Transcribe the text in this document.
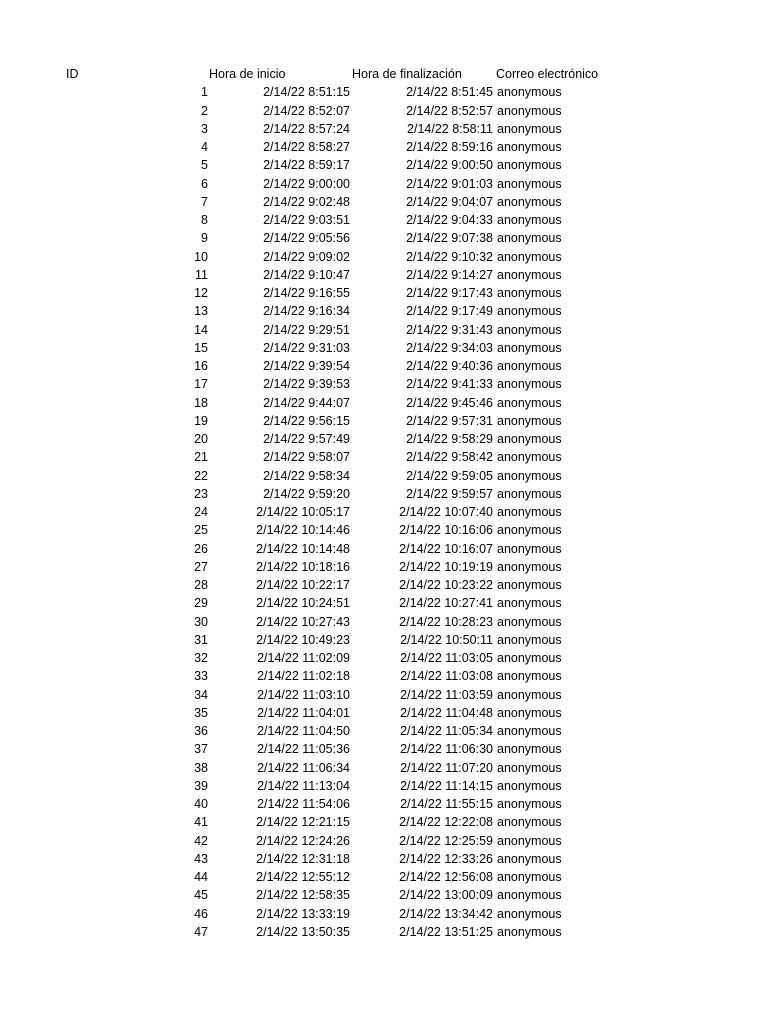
ID	Hora de inicio	Hora de finalización	Correo electrónico
1	2/14/22 8:51:15	2/14/22 8:51:45 anonymous
2	2/14/22 8:52:07	2/14/22 8:52:57 anonymous
3	2/14/22 8:57:24	2/14/22 8:58:11 anonymous
4	2/14/22 8:58:27	2/14/22 8:59:16 anonymous
5	2/14/22 8:59:17	2/14/22 9:00:50 anonymous
6	2/14/22 9:00:00	2/14/22 9:01:03 anonymous
7	2/14/22 9:02:48	2/14/22 9:04:07 anonymous
8	2/14/22 9:03:51	2/14/22 9:04:33 anonymous
9	2/14/22 9:05:56	2/14/22 9:07:38 anonymous
10	2/14/22 9:09:02	2/14/22 9:10:32 anonymous
11	2/14/22 9:10:47	2/14/22 9:14:27 anonymous
12	2/14/22 9:16:55	2/14/22 9:17:43 anonymous
13	2/14/22 9:16:34	2/14/22 9:17:49 anonymous
14	2/14/22 9:29:51	2/14/22 9:31:43 anonymous
15	2/14/22 9:31:03	2/14/22 9:34:03 anonymous
16	2/14/22 9:39:54	2/14/22 9:40:36 anonymous
17	2/14/22 9:39:53	2/14/22 9:41:33 anonymous
18	2/14/22 9:44:07	2/14/22 9:45:46 anonymous
19	2/14/22 9:56:15	2/14/22 9:57:31 anonymous
20	2/14/22 9:57:49	2/14/22 9:58:29 anonymous
21	2/14/22 9:58:07	2/14/22 9:58:42 anonymous
22	2/14/22 9:58:34	2/14/22 9:59:05 anonymous
23	2/14/22 9:59:20	2/14/22 9:59:57 anonymous
24	2/14/22 10:05:17	2/14/22 10:07:40 anonymous
25	2/14/22 10:14:46	2/14/22 10:16:06 anonymous
26	2/14/22 10:14:48	2/14/22 10:16:07 anonymous
27	2/14/22 10:18:16	2/14/22 10:19:19 anonymous
28	2/14/22 10:22:17	2/14/22 10:23:22 anonymous
29	2/14/22 10:24:51	2/14/22 10:27:41 anonymous
30	2/14/22 10:27:43	2/14/22 10:28:23 anonymous
31	2/14/22 10:49:23	2/14/22 10:50:11 anonymous
32	2/14/22 11:02:09	2/14/22 11:03:05 anonymous
33	2/14/22 11:02:18	2/14/22 11:03:08 anonymous
34	2/14/22 11:03:10	2/14/22 11:03:59 anonymous
35	2/14/22 11:04:01	2/14/22 11:04:48 anonymous
36	2/14/22 11:04:50	2/14/22 11:05:34 anonymous
37	2/14/22 11:05:36	2/14/22 11:06:30 anonymous
38	2/14/22 11:06:34	2/14/22 11:07:20 anonymous
39	2/14/22 11:13:04	2/14/22 11:14:15 anonymous
40	2/14/22 11:54:06	2/14/22 11:55:15 anonymous
41	2/14/22 12:21:15	2/14/22 12:22:08 anonymous
42	2/14/22 12:24:26	2/14/22 12:25:59 anonymous
43	2/14/22 12:31:18	2/14/22 12:33:26 anonymous
44	2/14/22 12:55:12	2/14/22 12:56:08 anonymous
45	2/14/22 12:58:35	2/14/22 13:00:09 anonymous
46	2/14/22 13:33:19	2/14/22 13:34:42 anonymous
47	2/14/22 13:50:35	2/14/22 13:51:25 anonymous
